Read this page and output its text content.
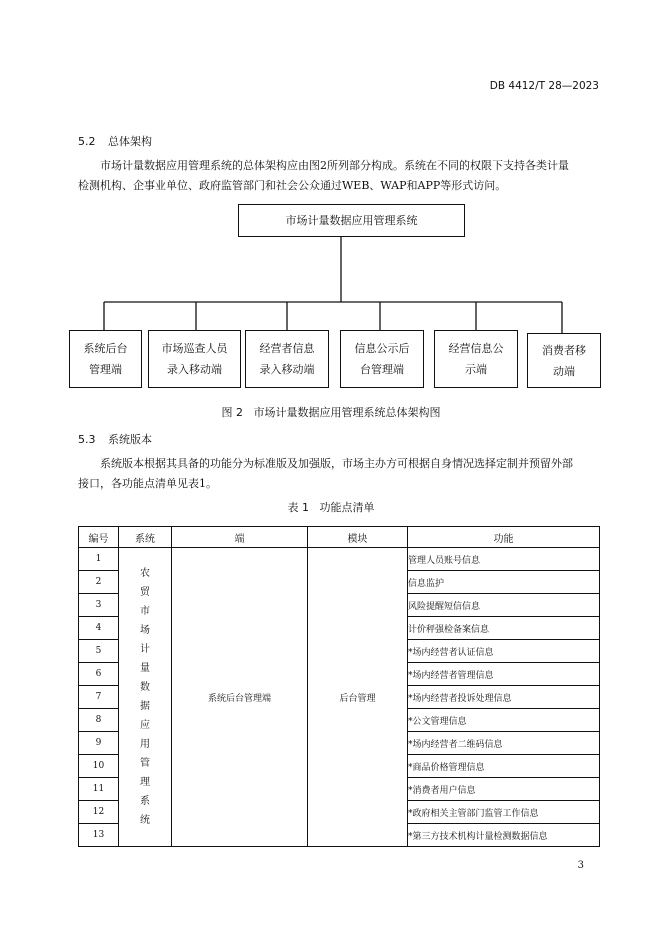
DB 4412/T 28—2023
5.2 总体架构
市场计量数据应用管理系统的总体架构应由图2所列部分构成。系统在不同的权限下支持各类计量
检测机构、企事业单位、政府监管部门和社会公众通过WEB、WAP和APP等形式访问。
市场计量数据应用管理系统
系统后台
管理端
市场巡查人员
录入移动端
经营者信息
录入移动端
信息公示后
台管理端
经营信息公
示端
消费者移
动端
图 2   市场计量数据应用管理系统总体架构图
5.3 系统版本
系统版本根据其具备的功能分为标准版及加强版，市场主办方可根据自身情况选择定制并预留外部
接口，各功能点清单见表1。
表 1   功能点清单
编号	系统	端	模块	功能
1	农贸市场计量数据应用管理系统	系统后台管理端	后台管理	管理人员账号信息
2				信息监护
3				风险提醒短信信息
4				计价秤强检备案信息
5				*场内经营者认证信息
6				*场内经营者管理信息
7				*场内经营者投诉处理信息
8				*公文管理信息
9				*场内经营者二维码信息
10				*商品价格管理信息
11				*消费者用户信息
12				*政府相关主管部门监管工作信息
13				*第三方技术机构计量检测数据信息
3
